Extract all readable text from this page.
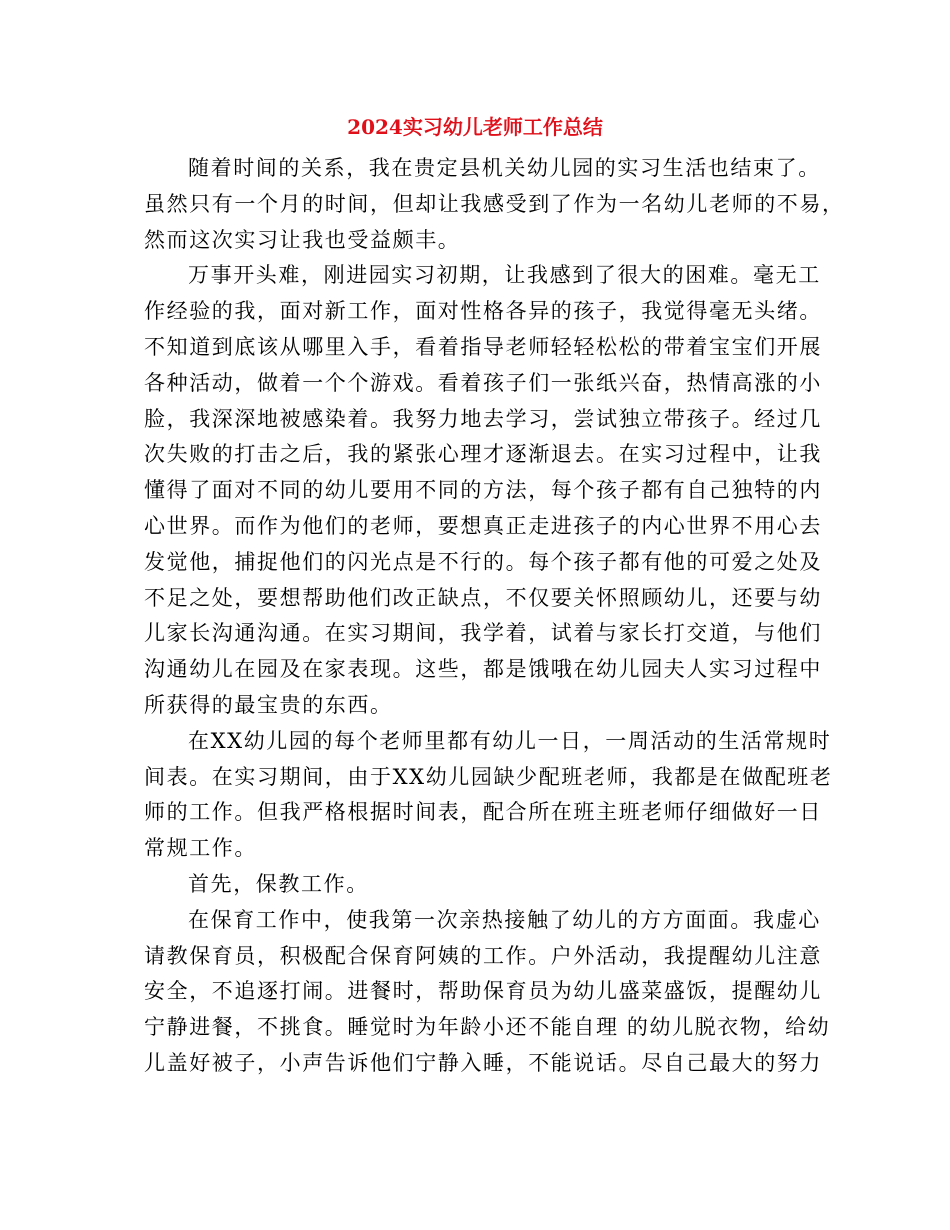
2024实习幼儿老师工作总结

随着时间的关系，我在贵定县机关幼儿园的实习生活也结束了。
虽然只有一个月的时间，但却让我感受到了作为一名幼儿老师的不易，
然而这次实习让我也受益颇丰。

万事开头难，刚进园实习初期，让我感到了很大的困难。毫无工
作经验的我，面对新工作，面对性格各异的孩子，我觉得毫无头绪。
不知道到底该从哪里入手，看着指导老师轻轻松松的带着宝宝们开展
各种活动，做着一个个游戏。看着孩子们一张纸兴奋，热情高涨的小
脸，我深深地被感染着。我努力地去学习，尝试独立带孩子。经过几
次失败的打击之后，我的紧张心理才逐渐退去。在实习过程中，让我
懂得了面对不同的幼儿要用不同的方法，每个孩子都有自己独特的内
心世界。而作为他们的老师，要想真正走进孩子的内心世界不用心去
发觉他，捕捉他们的闪光点是不行的。每个孩子都有他的可爱之处及
不足之处，要想帮助他们改正缺点，不仅要关怀照顾幼儿，还要与幼
儿家长沟通沟通。在实习期间，我学着，试着与家长打交道，与他们
沟通幼儿在园及在家表现。这些，都是饿哦在幼儿园夫人实习过程中
所获得的最宝贵的东西。

在XX幼儿园的每个老师里都有幼儿一日，一周活动的生活常规时
间表。在实习期间，由于XX幼儿园缺少配班老师，我都是在做配班老
师的工作。但我严格根据时间表，配合所在班主班老师仔细做好一日
常规工作。

首先，保教工作。

在保育工作中，使我第一次亲热接触了幼儿的方方面面。我虚心
请教保育员，积极配合保育阿姨的工作。户外活动，我提醒幼儿注意
安全，不追逐打闹。进餐时，帮助保育员为幼儿盛菜盛饭，提醒幼儿
宁静进餐，不挑食。睡觉时为年龄小还不能自理 的幼儿脱衣物，给幼
儿盖好被子，小声告诉他们宁静入睡，不能说话。尽自己最大的努力
